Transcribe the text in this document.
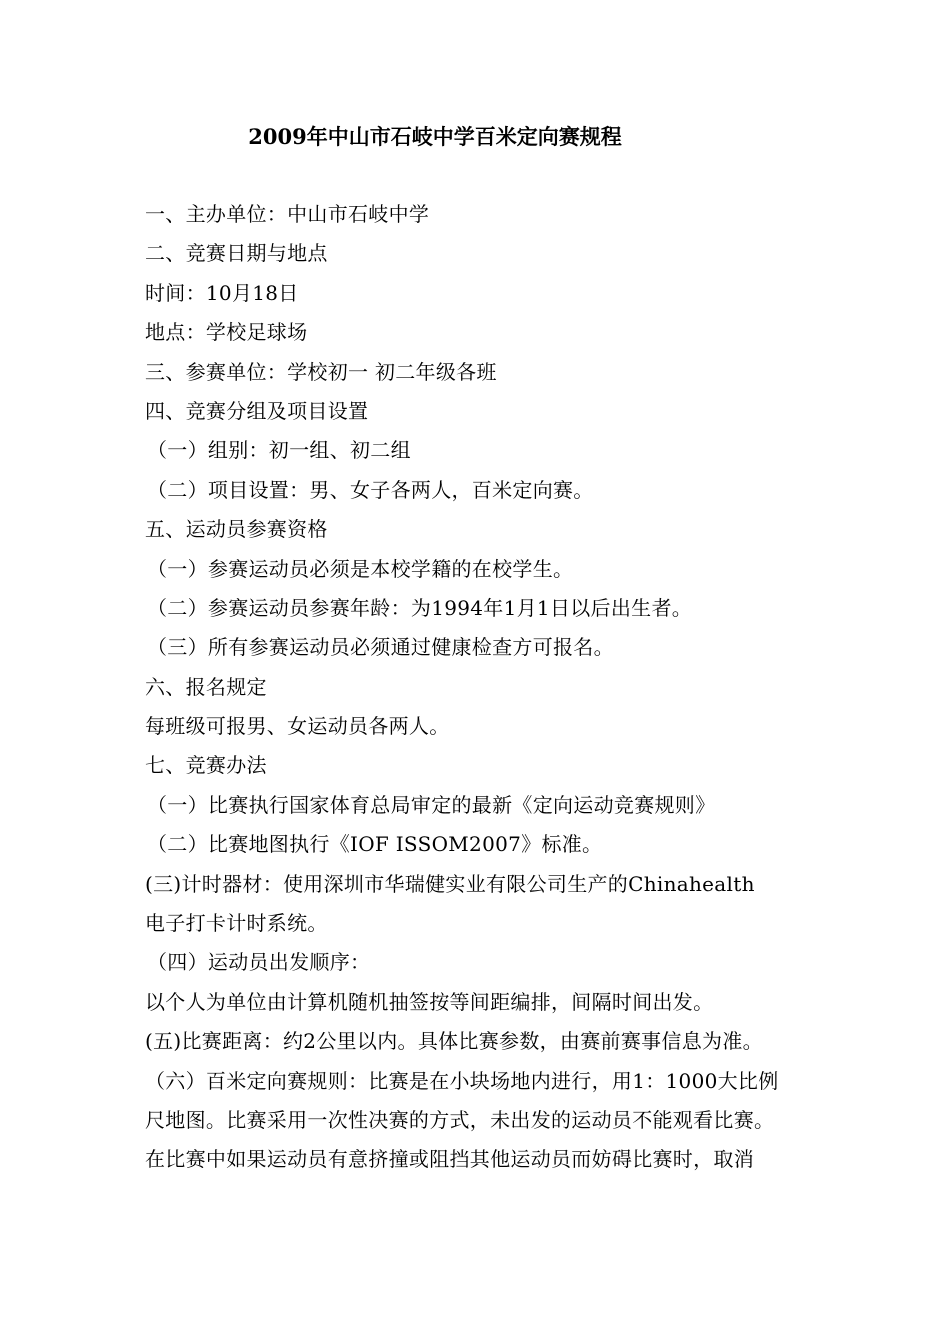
2009年中山市石岐中学百米定向赛规程
一、主办单位：中山市石岐中学
二、竞赛日期与地点
时间：10月18日
地点：学校足球场
三、参赛单位：学校初一 初二年级各班
四、竞赛分组及项目设置
（一）组别：初一组、初二组
（二）项目设置：男、女子各两人，百米定向赛。
五、运动员参赛资格
（一）参赛运动员必须是本校学籍的在校学生。
（二）参赛运动员参赛年龄：为1994年1月1日以后出生者。
（三）所有参赛运动员必须通过健康检查方可报名。
六、报名规定
每班级可报男、女运动员各两人。
七、竞赛办法
（一）比赛执行国家体育总局审定的最新《定向运动竞赛规则》
（二）比赛地图执行《IOF ISSOM2007》标准。
(三)计时器材：使用深圳市华瑞健实业有限公司生产的Chinahealth
电子打卡计时系统。
（四）运动员出发顺序：
以个人为单位由计算机随机抽签按等间距编排，间隔时间出发。
(五)比赛距离：约2公里以内。具体比赛参数，由赛前赛事信息为准。
（六）百米定向赛规则：比赛是在小块场地内进行，用1：1000大比例
尺地图。比赛采用一次性决赛的方式，未出发的运动员不能观看比赛。
在比赛中如果运动员有意挤撞或阻挡其他运动员而妨碍比赛时，取消
